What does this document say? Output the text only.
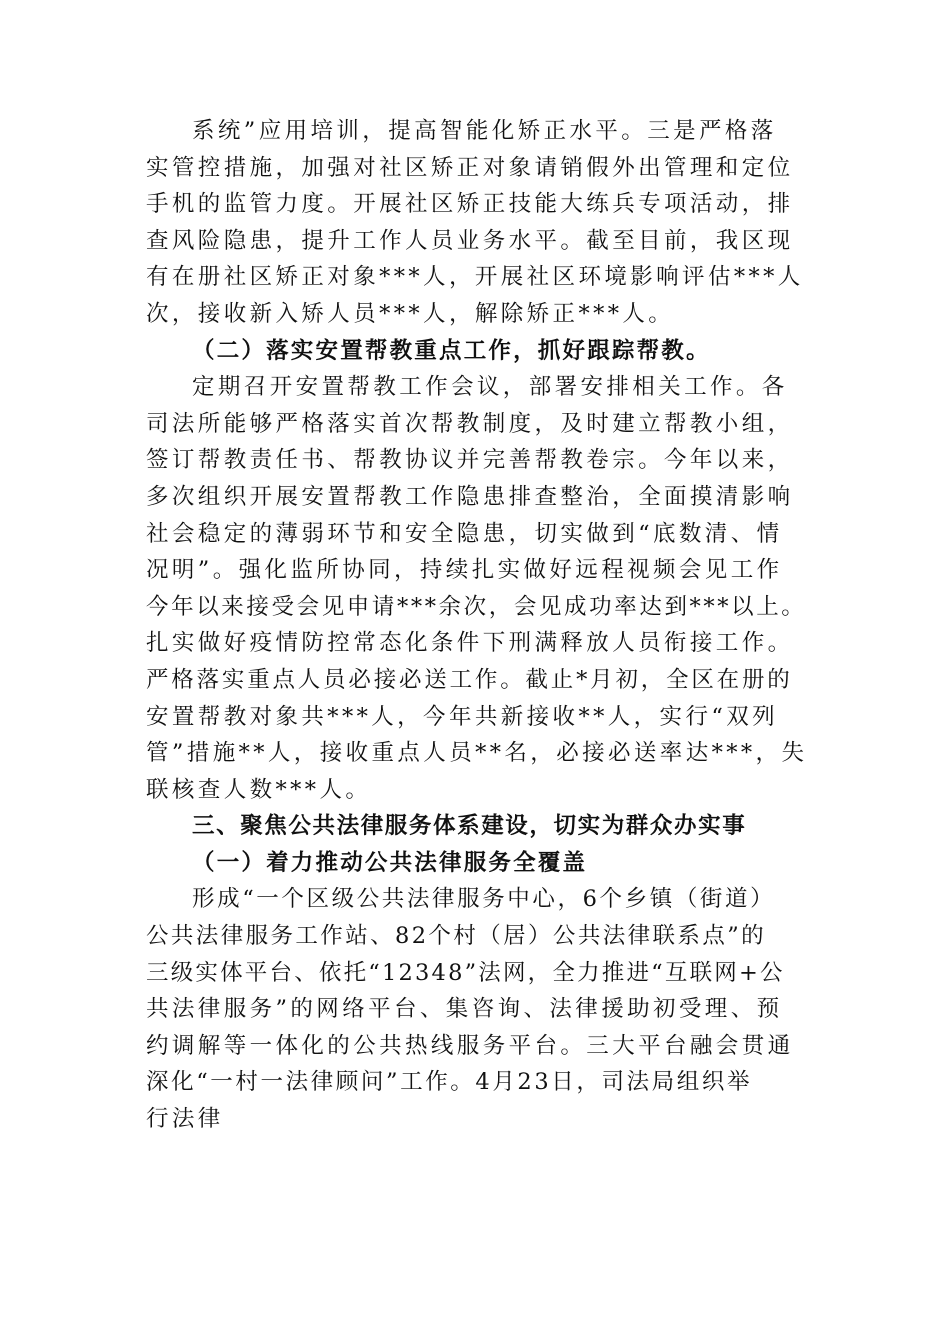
系统”应用培训，提高智能化矫正水平。三是严格落
实管控措施，加强对社区矫正对象请销假外出管理和定位
手机的监管力度。开展社区矫正技能大练兵专项活动，排
查风险隐患，提升工作人员业务水平。截至目前，我区现
有在册社区矫正对象***人，开展社区环境影响评估***人
次，接收新入矫人员***人，解除矫正***人。
（二）落实安置帮教重点工作，抓好跟踪帮教。
定期召开安置帮教工作会议，部署安排相关工作。各
司法所能够严格落实首次帮教制度，及时建立帮教小组，
签订帮教责任书、帮教协议并完善帮教卷宗。今年以来，
多次组织开展安置帮教工作隐患排查整治，全面摸清影响
社会稳定的薄弱环节和安全隐患，切实做到“底数清、情
况明”。强化监所协同，持续扎实做好远程视频会见工作
今年以来接受会见申请***余次，会见成功率达到***以上。
扎实做好疫情防控常态化条件下刑满释放人员衔接工作。
严格落实重点人员必接必送工作。截止*月初，全区在册的
安置帮教对象共***人，今年共新接收**人，实行“双列
管”措施**人，接收重点人员**名，必接必送率达***，失
联核查人数***人。
三、聚焦公共法律服务体系建设，切实为群众办实事
（一）着力推动公共法律服务全覆盖
形成“一个区级公共法律服务中心，6个乡镇（街道）
公共法律服务工作站、82个村（居）公共法律联系点”的
三级实体平台、依托“12348”法网，全力推进“互联网+公
共法律服务”的网络平台、集咨询、法律援助初受理、预
约调解等一体化的公共热线服务平台。三大平台融会贯通
深化“一村一法律顾问”工作。4月23日，司法局组织举
行法律
